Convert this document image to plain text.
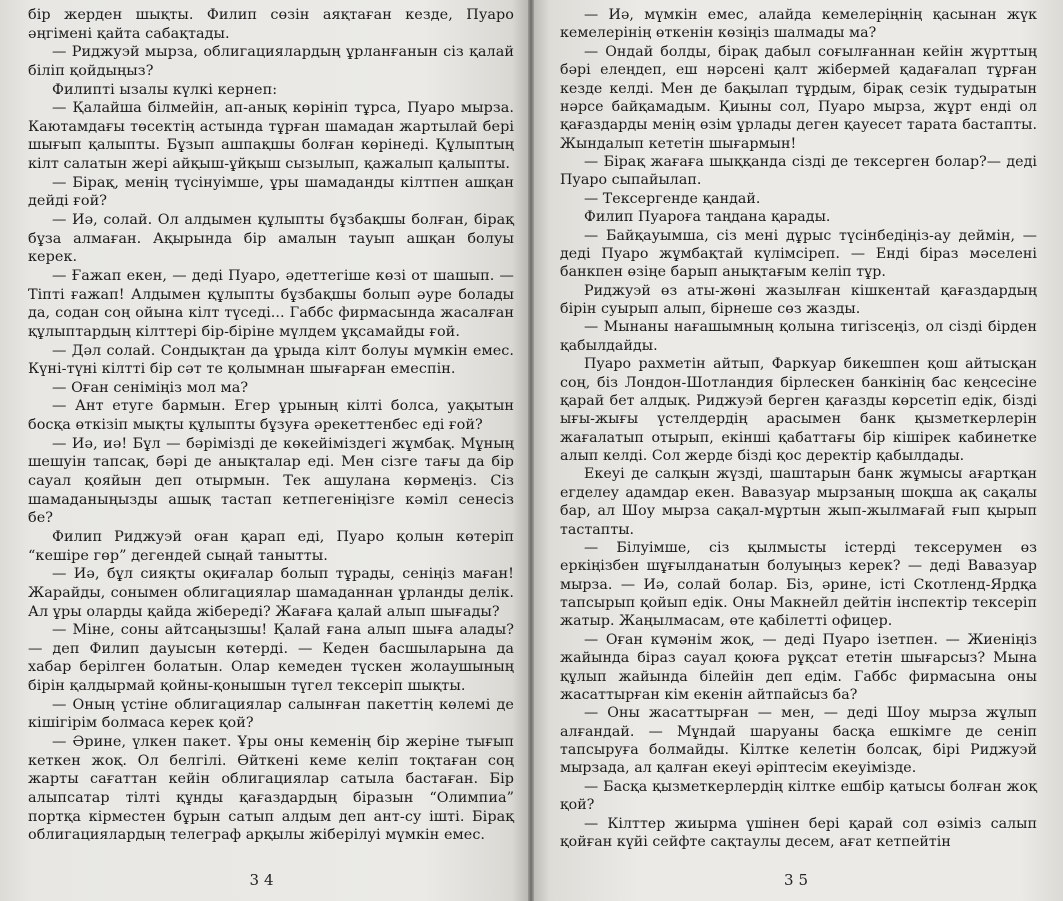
бір жерден шықты. Филип сөзін аяқтаған кезде, Пуаро әңгімені қайта сабақтады.

— Риджуэй мырза, облигациялардың ұрланғанын сіз қалай біліп қойдыңыз?

Филипті ызалы күлкі кернеп:

— Қалайша білмейін, ап-анық көрініп тұрса, Пуаро мырза. Каютамдағы төсектің астында тұрған шамадан жартылай бері шығып қалыпты. Бұзып ашпақшы болған көрінеді. Құлыптың кілт салатын жері айқыш-ұйқыш сызылып, қажалып қалыпты.

— Бірақ, менің түсінуімше, ұры шамаданды кілтпен ашқан дейді ғой?

— Иә, солай. Ол алдымен құлыпты бұзбақшы болған, бірақ бұза алмаған. Ақырында бір амалын тауып ашқан болуы керек.

— Ғажап екен, — деді Пуаро, әдеттегіше көзі от шашып. — Тіпті ғажап! Алдымен құлыпты бұзбақшы болып әуре болады да, содан соң ойына кілт түседі... Габбс фирмасында жасалған құлыптардың кілттері бір-біріне мүлдем ұқсамайды ғой.

— Дәл солай. Сондықтан да ұрыда кілт болуы мүмкін емес. Күні-түні кілтті бір сәт те қолымнан шығарған емеспін.

— Оған сеніміңіз мол ма?

— Ант етуге бармын. Егер ұрының кілті болса, уақытын босқа өткізіп мықты құлыпты бұзуға әрекеттенбес еді ғой?

— Иә, иә! Бұл — бәрімізді де көкейіміздегі жұмбақ. Мұның шешуін тапсақ, бәрі де анықталар еді. Мен сізге тағы да бір сауал қояйын деп отырмын. Тек ашулана көрмеңіз. Сіз шамаданыңызды ашық тастап кетпегеніңізге кәміл сенесіз бе?

Филип Риджуэй оған қарап еді, Пуаро қолын көтеріп “кешіре гөр” дегендей сыңай танытты.

— Иә, бұл сияқты оқиғалар болып тұрады, сеніңіз маған! Жарайды, сонымен облигациялар шамаданнан ұрланды делік. Ал ұры оларды қайда жібереді? Жағаға қалай алып шығады?

— Міне, соны айтсаңызшы! Қалай ғана алып шыға алады? — деп Филип дауысын көтерді. — Кеден басшыларына да хабар берілген болатын. Олар кемеден түскен жолаушының бірін қалдырмай қойны-қонышын түгел тексеріп шықты.

— Оның үстіне облигациялар салынған пакеттің көлемі де кішігірім болмаса керек қой?

— Әрине, үлкен пакет. Ұры оны кеменің бір жеріне тығып кеткен жоқ. Ол белгілі. Өйткені кеме келіп тоқтаған соң жарты сағаттан кейін облигациялар сатыла бастаған. Бір алыпсатар тілті құнды қағаздардың біразын “Олимпиа” портқа кірместен бұрын сатып алдым деп ант-су ішті. Бірақ облигациялардың телеграф арқылы жіберілуі мүмкін емес.

34

— Иә, мүмкін емес, алайда кемелеріңнің қасынан жүк кемелерінің өткенін көзіңіз шалмады ма?

— Ондай болды, бірақ дабыл соғылғаннан кейін жүрттың бәрі елеңдеп, еш нәрсені қалт жібермей қадағалап тұрған кезде келді. Мен де бақылап тұрдым, бірақ сезік тудыратын нәрсе байқамадым. Қиыны сол, Пуаро мырза, жұрт енді ол қағаздарды менің өзім ұрлады деген қауесет тарата бастапты. Жындалып кететін шығармын!

— Бірақ жағаға шыққанда сізді де тексерген болар?— деді Пуаро сыпайылап.

— Тексергенде қандай.

Филип Пуароға таңдана қарады.

— Байқауымша, сіз мені дұрыс түсінбедіңіз-ау деймін, — деді Пуаро жұмбақтай күлімсіреп. — Енді біраз мәселені банкпен өзіңе барып анықтағым келіп тұр.

Риджуэй өз аты-жөні жазылған кішкентай қағаздардың бірін суырып алып, бірнеше сөз жазды.

— Мынаны нағашымның қолына тигізсеңіз, ол сізді бірден қабылдайды.

Пуаро рахметін айтып, Фаркуар бикешпен қош айтысқан соң, біз Лондон-Шотландия бірлескен банкінің бас кеңсесіне қарай бет алдық. Риджуэй берген қағазды көрсетіп едік, бізді ығы-жығы үстелдердің арасымен банк қызметкерлерін жағалатып отырып, екінші қабаттағы бір кішірек кабинетке алып келді. Сол жерде бізді қос деректір қабылдады.

Екеуі де салқын жүзді, шаштарын банк жұмысы ағартқан егделеу адамдар екен. Вавазуар мырзаның шоқша ақ сақалы бар, ал Шоу мырза сақал-мұртын жып-жылмағай ғып қырып тастапты.

— Білуімше, сіз қылмысты істерді тексерумен өз еркіңізбен шұғылданатын болуыңыз керек? — деді Вавазуар мырза. — Иә, солай болар. Біз, әрине, істі Скотленд-Ярдқа тапсырып қойып едік. Оны Макнейл дейтін інспектір тексеріп жатыр. Жаңылмасам, өте қабілетті офицер.

— Оған күмәнім жоқ, — деді Пуаро ізетпен. — Жиеніңіз жайында біраз сауал қоюға рұқсат ететін шығарсыз? Мына құлып жайында білейін деп едім. Габбс фирмасына оны жасаттырған кім екенін айтпайсыз ба?

— Оны жасаттырған — мен, — деді Шоу мырза жұлып алғандай. — Мұндай шаруаны басқа ешкімге де сеніп тапсыруға болмайды. Кілтке келетін болсақ, бірі Риджуэй мырзада, ал қалған екеуі әріптесім екеуімізде.

— Басқа қызметкерлердің кілтке ешбір қатысы болған жоқ қой?

— Кілттер жиырма үшінен бері қарай сол өзіміз салып қойған күйі сейфте сақтаулы десем, ағат кетпейтін

35
